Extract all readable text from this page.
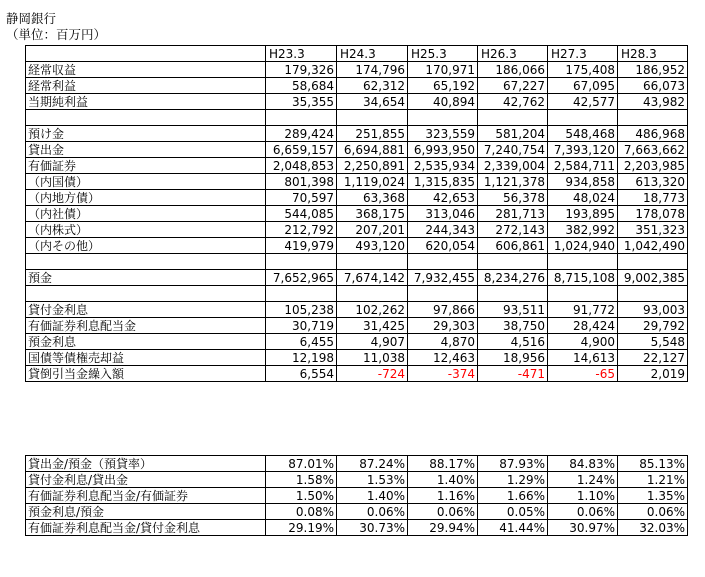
静岡銀行
（単位：百万円）
	H23.3	H24.3	H25.3	H26.3	H27.3	H28.3
経常収益	179,326	174,796	170,971	186,066	175,408	186,952
経常利益	58,684	62,312	65,192	67,227	67,095	66,073
当期純利益	35,355	34,654	40,894	42,762	42,577	43,982

預け金	289,424	251,855	323,559	581,204	548,468	486,968
貸出金	6,659,157	6,694,881	6,993,950	7,240,754	7,393,120	7,663,662
有価証券	2,048,853	2,250,891	2,535,934	2,339,004	2,584,711	2,203,985
（内国債）	801,398	1,119,024	1,315,835	1,121,378	934,858	613,320
（内地方債）	70,597	63,368	42,653	56,378	48,024	18,773
（内社債）	544,085	368,175	313,046	281,713	193,895	178,078
（内株式）	212,792	207,201	244,343	272,143	382,992	351,323
（内その他）	419,979	493,120	620,054	606,861	1,024,940	1,042,490

預金	7,652,965	7,674,142	7,932,455	8,234,276	8,715,108	9,002,385

貸付金利息	105,238	102,262	97,866	93,511	91,772	93,003
有価証券利息配当金	30,719	31,425	29,303	38,750	28,424	29,792
預金利息	6,455	4,907	4,870	4,516	4,900	5,548
国債等債権売却益	12,198	11,038	12,463	18,956	14,613	22,127
貸倒引当金繰入額	6,554	-724	-374	-471	-65	2,019
貸出金/預金（預貸率）	87.01%	87.24%	88.17%	87.93%	84.83%	85.13%
貸付金利息/貸出金	1.58%	1.53%	1.40%	1.29%	1.24%	1.21%
有価証券利息配当金/有価証券	1.50%	1.40%	1.16%	1.66%	1.10%	1.35%
預金利息/預金	0.08%	0.06%	0.06%	0.05%	0.06%	0.06%
有価証券利息配当金/貸付金利息	29.19%	30.73%	29.94%	41.44%	30.97%	32.03%
